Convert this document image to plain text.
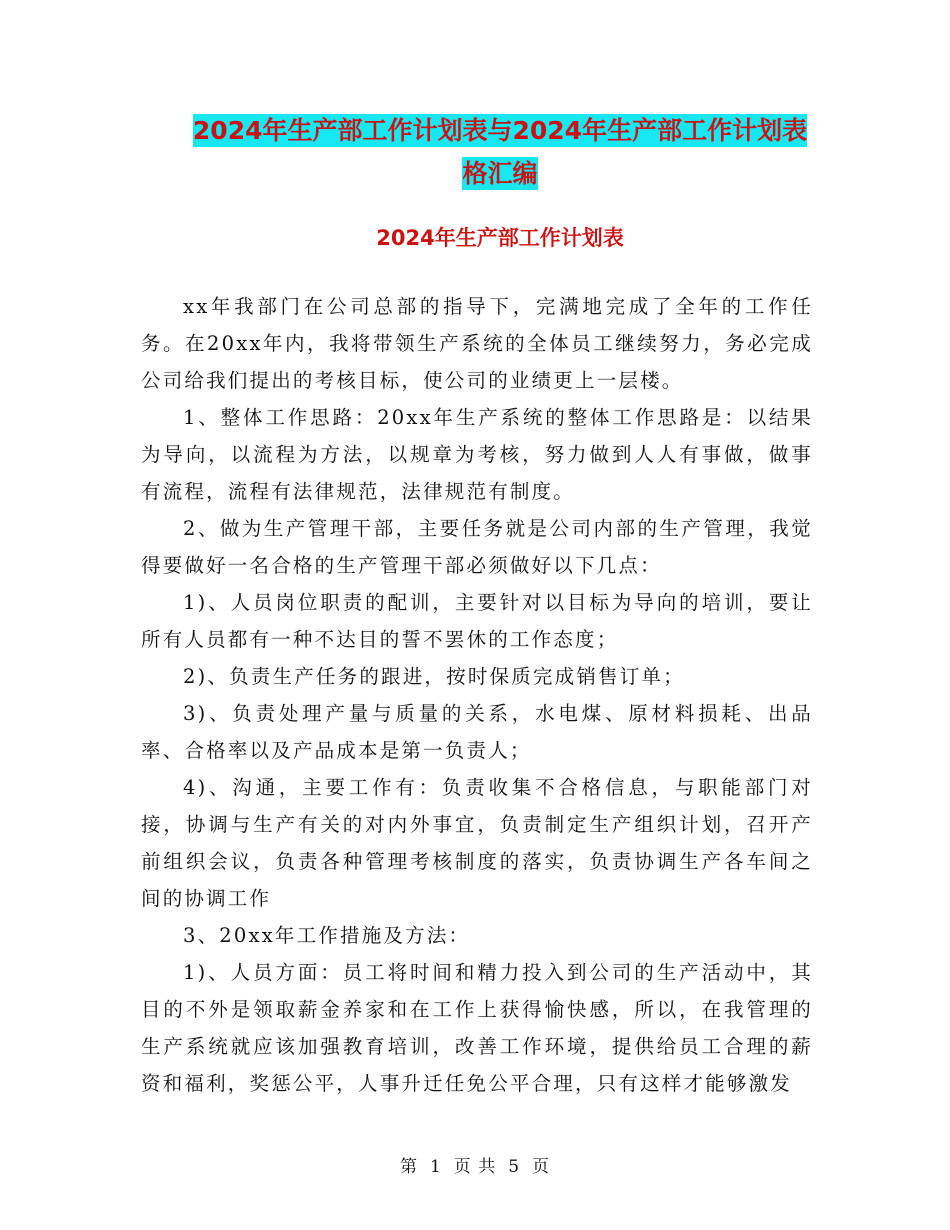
2024年生产部工作计划表与2024年生产部工作计划表
格汇编
2024年生产部工作计划表

xx年我部门在公司总部的指导下，完满地完成了全年的工作任务。在20xx年内，我将带领生产系统的全体员工继续努力，务必完成公司给我们提出的考核目标，使公司的业绩更上一层楼。

1、整体工作思路：20xx年生产系统的整体工作思路是：以结果为导向，以流程为方法，以规章为考核，努力做到人人有事做，做事有流程，流程有法律规范，法律规范有制度。

2、做为生产管理干部，主要任务就是公司内部的生产管理，我觉得要做好一名合格的生产管理干部必须做好以下几点：

1)、人员岗位职责的配训，主要针对以目标为导向的培训，要让所有人员都有一种不达目的誓不罢休的工作态度；

2)、负责生产任务的跟进，按时保质完成销售订单；

3)、负责处理产量与质量的关系，水电煤、原材料损耗、出品率、合格率以及产品成本是第一负责人；

4)、沟通，主要工作有：负责收集不合格信息，与职能部门对接，协调与生产有关的对内外事宜，负责制定生产组织计划，召开产前组织会议，负责各种管理考核制度的落实，负责协调生产各车间之间的协调工作

3、20xx年工作措施及方法：

1)、人员方面：员工将时间和精力投入到公司的生产活动中，其目的不外是领取薪金养家和在工作上获得愉快感，所以，在我管理的生产系统就应该加强教育培训，改善工作环境，提供给员工合理的薪资和福利，奖惩公平，人事升迁任免公平合理，只有这样才能够激发

第 1 页 共 5 页
